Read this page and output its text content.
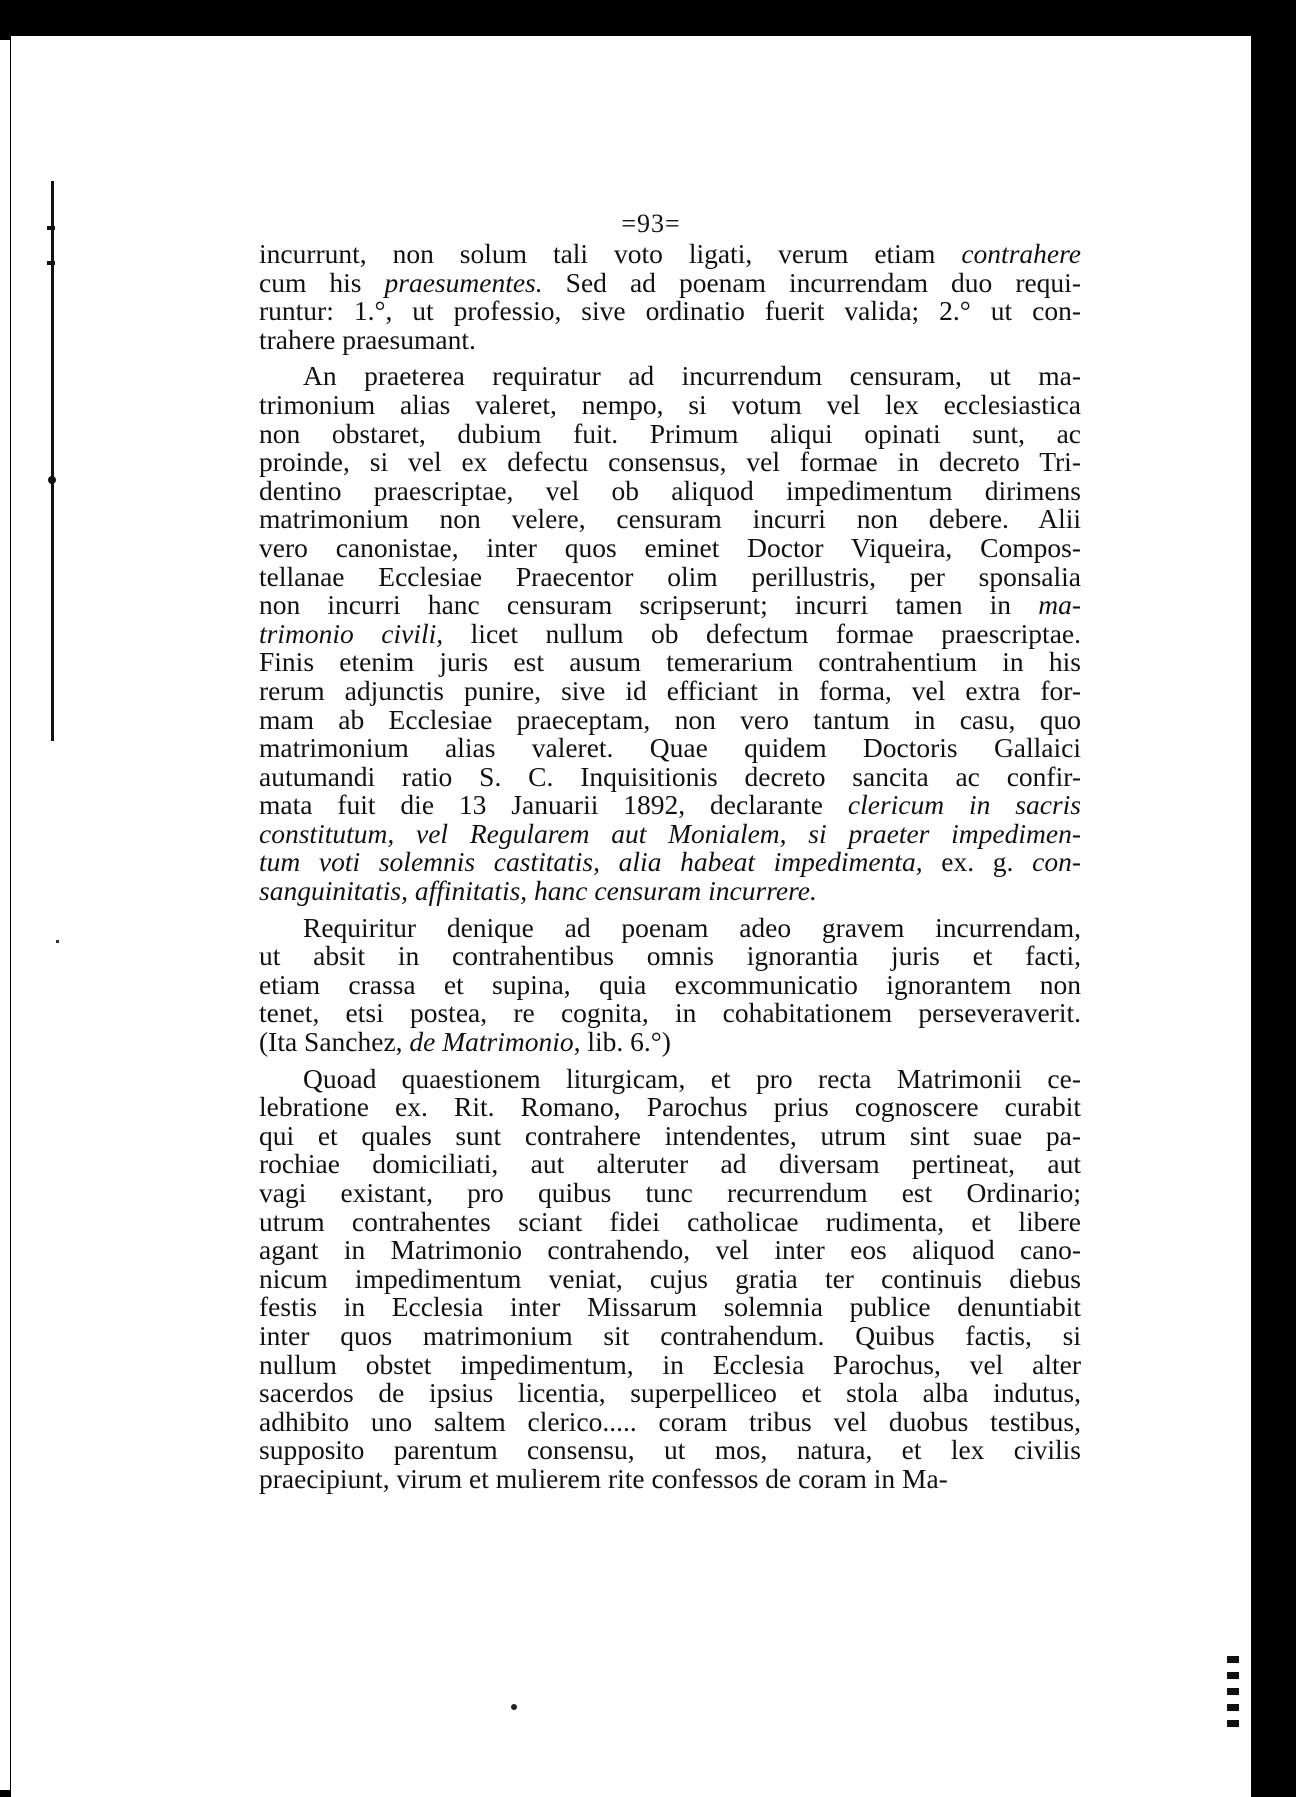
=93=
incurrunt, non solum tali voto ligati, verum etiam contrahere
cum his praesumentes. Sed ad poenam incurrendam duo requi-
runtur: 1.°, ut professio, sive ordinatio fuerit valida; 2.° ut con-
trahere praesumant.
An praeterea requiratur ad incurrendum censuram, ut ma-
trimonium alias valeret, nempo, si votum vel lex ecclesiastica
non obstaret, dubium fuit. Primum aliqui opinati sunt, ac
proinde, si vel ex defectu consensus, vel formae in decreto Tri-
dentino praescriptae, vel ob aliquod impedimentum dirimens
matrimonium non velere, censuram incurri non debere. Alii
vero canonistae, inter quos eminet Doctor Viqueira, Compos-
tellanae Ecclesiae Praecentor olim perillustris, per sponsalia
non incurri hanc censuram scripserunt; incurri tamen in ma-
trimonio civili, licet nullum ob defectum formae praescriptae.
Finis etenim juris est ausum temerarium contrahentium in his
rerum adjunctis punire, sive id efficiant in forma, vel extra for-
mam ab Ecclesiae praeceptam, non vero tantum in casu, quo
matrimonium alias valeret. Quae quidem Doctoris Gallaici
autumandi ratio S. C. Inquisitionis decreto sancita ac confir-
mata fuit die 13 Januarii 1892, declarante clericum in sacris
constitutum, vel Regularem aut Monialem, si praeter impedimen-
tum voti solemnis castitatis, alia habeat impedimenta, ex. g. con-
sanguinitatis, affinitatis, hanc censuram incurrere.
Requiritur denique ad poenam adeo gravem incurrendam,
ut absit in contrahentibus omnis ignorantia juris et facti,
etiam crassa et supina, quia excommunicatio ignorantem non
tenet, etsi postea, re cognita, in cohabitationem perseveraverit.
(Ita Sanchez, de Matrimonio, lib. 6.°)
Quoad quaestionem liturgicam, et pro recta Matrimonii ce-
lebratione ex. Rit. Romano, Parochus prius cognoscere curabit
qui et quales sunt contrahere intendentes, utrum sint suae pa-
rochiae domiciliati, aut alteruter ad diversam pertineat, aut
vagi existant, pro quibus tunc recurrendum est Ordinario;
utrum contrahentes sciant fidei catholicae rudimenta, et libere
agant in Matrimonio contrahendo, vel inter eos aliquod cano-
nicum impedimentum veniat, cujus gratia ter continuis diebus
festis in Ecclesia inter Missarum solemnia publice denuntiabit
inter quos matrimonium sit contrahendum. Quibus factis, si
nullum obstet impedimentum, in Ecclesia Parochus, vel alter
sacerdos de ipsius licentia, superpelliceo et stola alba indutus,
adhibito uno saltem clerico..... coram tribus vel duobus testibus,
supposito parentum consensu, ut mos, natura, et lex civilis
praecipiunt, virum et mulierem rite confessos de coram in Ma-
